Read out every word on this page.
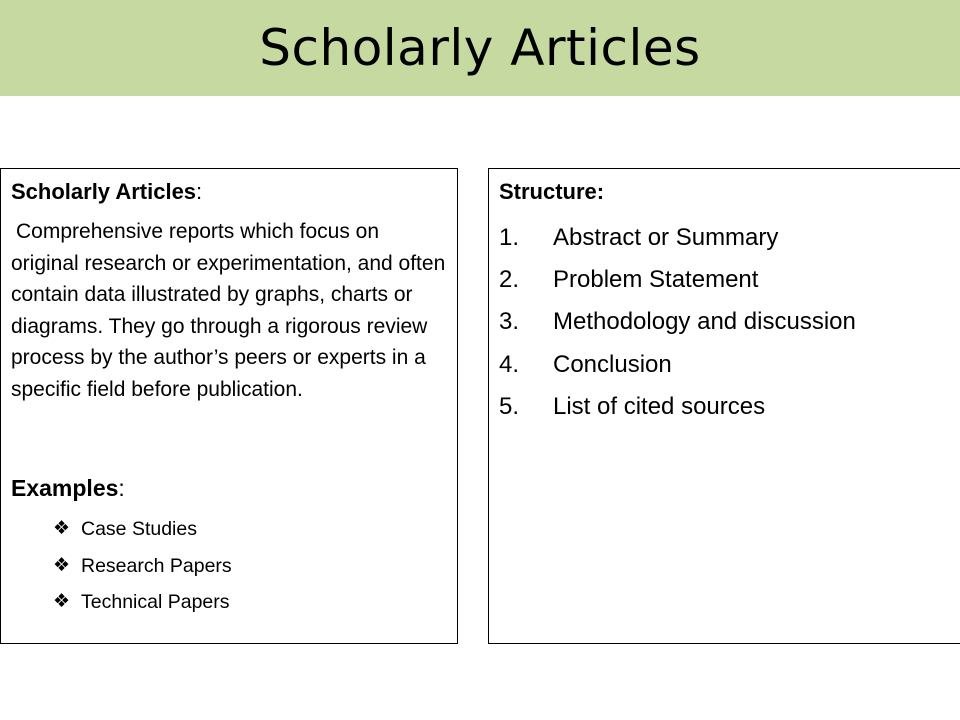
Scholarly Articles
Scholarly Articles:
Comprehensive reports which focus on original research or experimentation, and often contain data illustrated by graphs, charts or diagrams. They go through a rigorous review process by the author’s peers or experts in a specific field before publication.
Examples:
❖ Case Studies
❖ Research Papers
❖ Technical Papers
Structure:
1.	Abstract or Summary
2.	Problem Statement
3.	Methodology and discussion
4.	Conclusion
5.	List of cited sources
